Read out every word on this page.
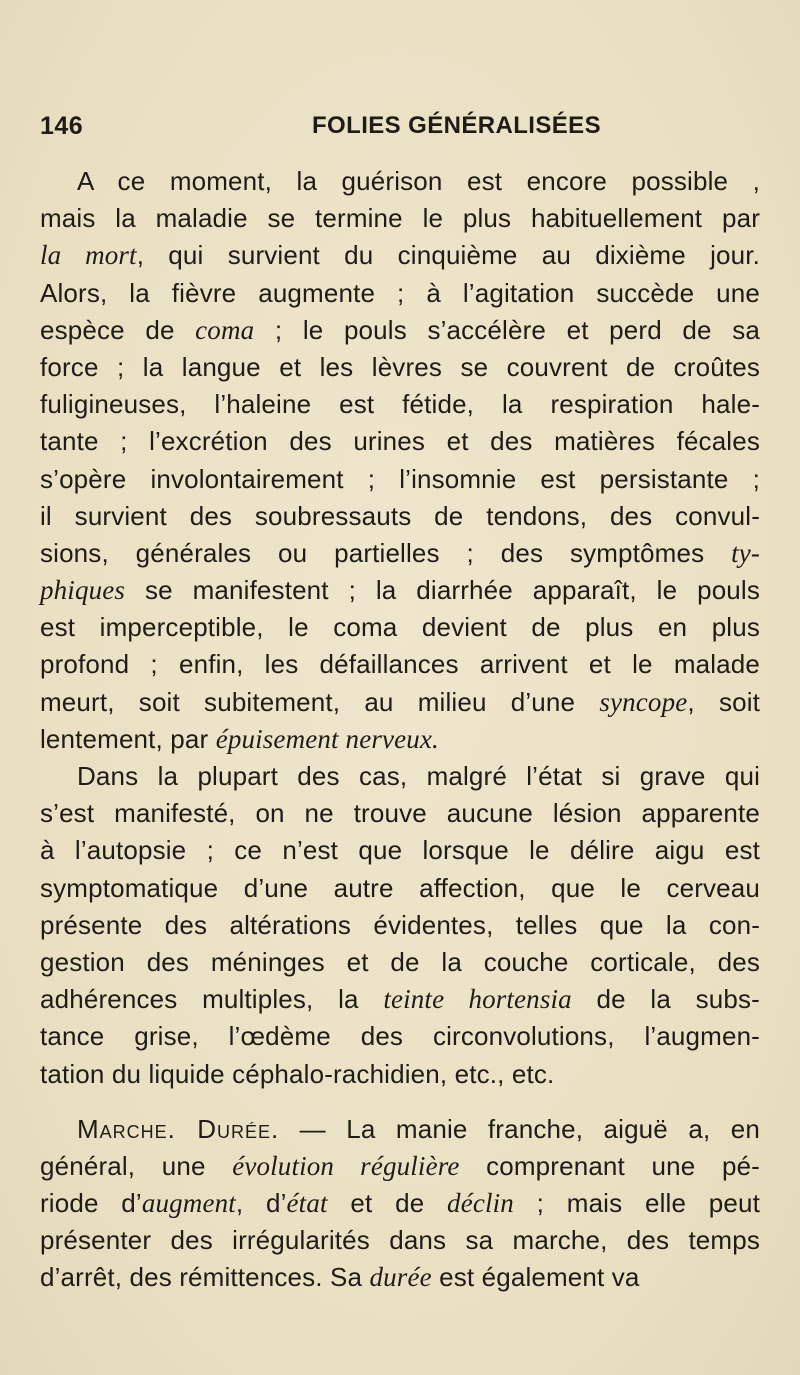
146	FOLIES GÉNÉRALISÉES
A ce moment, la guérison est encore possible ,
mais la maladie se termine le plus habituellement par
la mort, qui survient du cinquième au dixième jour.
Alors, la fièvre augmente ; à l’agitation succède une
espèce de coma ; le pouls s’accélère et perd de sa
force ; la langue et les lèvres se couvrent de croûtes
fuligineuses, l’haleine est fétide, la respiration hale-
tante ; l’excrétion des urines et des matières fécales
s’opère involontairement ; l’insomnie est persistante ;
il survient des soubressauts de tendons, des convul-
sions, générales ou partielles ; des symptômes ty-
phiques se manifestent ; la diarrhée apparaît, le pouls
est imperceptible, le coma devient de plus en plus
profond ; enfin, les défaillances arrivent et le malade
meurt, soit subitement, au milieu d’une syncope, soit
lentement, par épuisement nerveux.
Dans la plupart des cas, malgré l’état si grave qui
s’est manifesté, on ne trouve aucune lésion apparente
à l’autopsie ; ce n’est que lorsque le délire aigu est
symptomatique d’une autre affection, que le cerveau
présente des altérations évidentes, telles que la con-
gestion des méninges et de la couche corticale, des
adhérences multiples, la teinte hortensia de la subs-
tance grise, l’œdème des circonvolutions, l’augmen-
tation du liquide céphalo-rachidien, etc., etc.
Marche. Durée. — La manie franche, aiguë a, en
général, une évolution régulière comprenant une pé-
riode d’augment, d’état et de déclin ; mais elle peut
présenter des irrégularités dans sa marche, des temps
d’arrêt, des rémittences. Sa durée est également va
